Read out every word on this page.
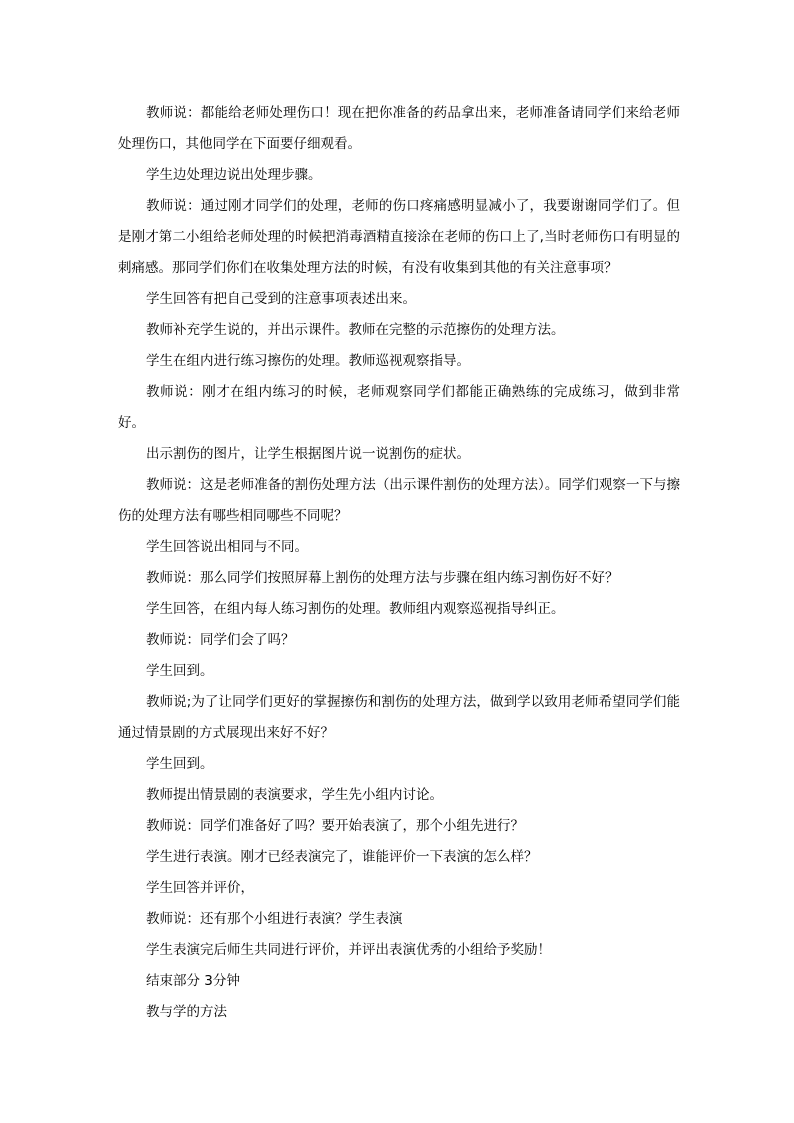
教师说：都能给老师处理伤口！现在把你准备的药品拿出来，老师准备请同学们来给老师处理伤口，其他同学在下面要仔细观看。

学生边处理边说出处理步骤。

教师说：通过刚才同学们的处理，老师的伤口疼痛感明显减小了，我要谢谢同学们了。但是刚才第二小组给老师处理的时候把消毒酒精直接涂在老师的伤口上了,当时老师伤口有明显的刺痛感。那同学们你们在收集处理方法的时候，有没有收集到其他的有关注意事项？

学生回答有把自己受到的注意事项表述出来。

教师补充学生说的，并出示课件。教师在完整的示范擦伤的处理方法。

学生在组内进行练习擦伤的处理。教师巡视观察指导。

教师说：刚才在组内练习的时候，老师观察同学们都能正确熟练的完成练习，做到非常好。

出示割伤的图片，让学生根据图片说一说割伤的症状。

教师说：这是老师准备的割伤处理方法（出示课件割伤的处理方法）。同学们观察一下与擦伤的处理方法有哪些相同哪些不同呢？

学生回答说出相同与不同。

教师说：那么同学们按照屏幕上割伤的处理方法与步骤在组内练习割伤好不好？

学生回答，在组内每人练习割伤的处理。教师组内观察巡视指导纠正。

教师说：同学们会了吗？

学生回到。

教师说;为了让同学们更好的掌握擦伤和割伤的处理方法，做到学以致用老师希望同学们能通过情景剧的方式展现出来好不好？

学生回到。

教师提出情景剧的表演要求，学生先小组内讨论。

教师说：同学们准备好了吗？要开始表演了，那个小组先进行？

学生进行表演。刚才已经表演完了，谁能评价一下表演的怎么样？

学生回答并评价，

教师说：还有那个小组进行表演？学生表演

学生表演完后师生共同进行评价，并评出表演优秀的小组给予奖励！

结束部分 3分钟

教与学的方法
